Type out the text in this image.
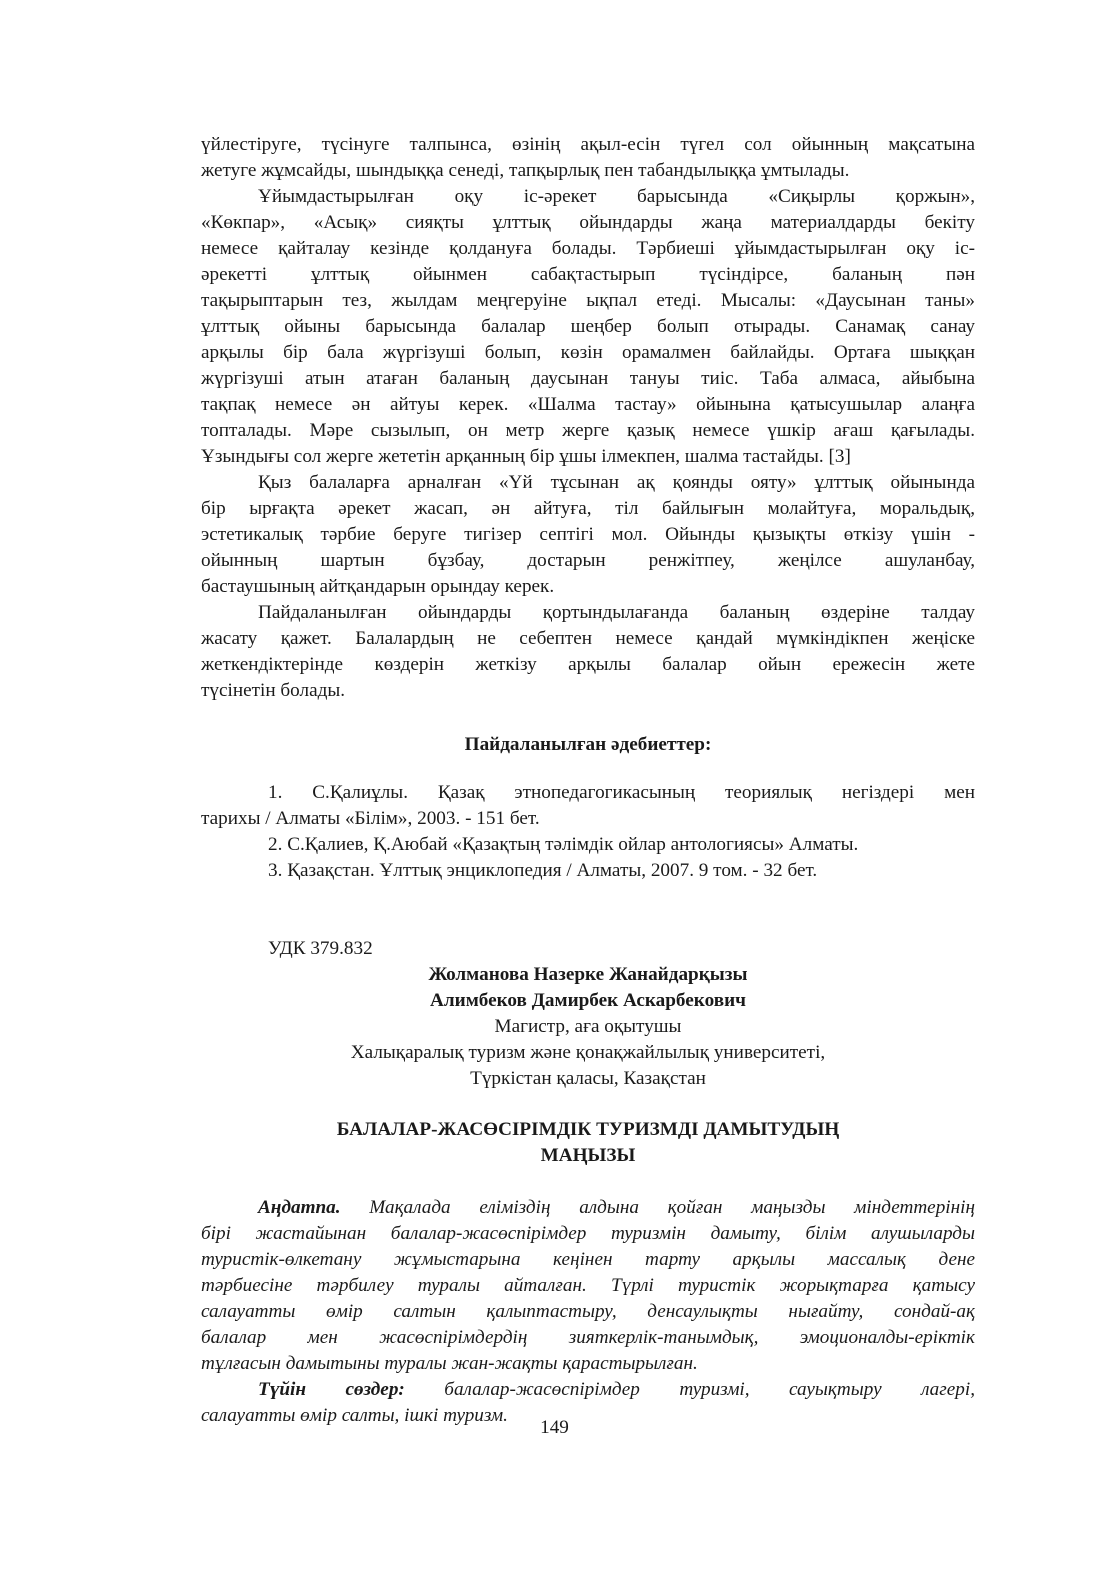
үйлестіруге, түсінуге талпынса, өзінің ақыл-есін түгел сол ойынның мақсатына
жетуге жұмсайды, шындыққа сенеді, тапқырлық пен табандылыққа ұмтылады.
Ұйымдастырылған оқу іс-әрекет барысында «Сиқырлы қоржын»,
«Көкпар», «Асық» сияқты ұлттық ойындарды жаңа материалдарды бекіту
немесе қайталау кезінде қолдануға болады. Тәрбиеші ұйымдастырылған оқу іс-
әрекетті ұлттық ойынмен сабақтастырып түсіндірсе, баланың пән
тақырыптарын тез, жылдам меңгеруіне ықпал етеді. Мысалы: «Даусынан таны»
ұлттық ойыны барысында балалар шеңбер болып отырады. Санамақ санау
арқылы бір бала жүргізуші болып, көзін орамалмен байлайды. Ортаға шыққан
жүргізуші атын атаған баланың даусынан тануы тиіс. Таба алмаса, айыбына
тақпақ немесе ән айтуы керек. «Шалма тастау» ойынына қатысушылар алаңға
топталады. Мәре сызылып, он метр жерге қазық немесе үшкір ағаш қағылады.
Ұзындығы сол жерге жететін арқанның бір ұшы ілмекпен, шалма тастайды. [3]
Қыз балаларға арналған «Үй тұсынан ақ қоянды ояту» ұлттық ойынында
бір ырғақта әрекет жасап, ән айтуға, тіл байлығын молайтуға, моральдық,
эстетикалық тәрбие беруге тигізер септігі мол. Ойынды қызықты өткізу үшін -
ойынның шартын бұзбау, достарын ренжітпеу, жеңілсе ашуланбау,
бастаушының айтқандарын орындау керек.
Пайдаланылған ойындарды қортындылағанда баланың өздеріне талдау
жасату қажет. Балалардың не себептен немесе қандай мүмкіндікпен жеңіске
жеткендіктерінде көздерін жеткізу арқылы балалар ойын ережесін жете
түсінетін болады.
Пайдаланылған әдебиеттер:
1. С.Қалиұлы. Қазақ этнопедагогикасының теориялық негіздері мен
тарихы / Алматы «Білім», 2003. - 151 бет.
2. С.Қалиев, Қ.Аюбай «Қазақтың тәлімдік ойлар антологиясы» Алматы.
3. Қазақстан. Ұлттық энциклопедия / Алматы, 2007. 9 том. - 32 бет.
УДК 379.832
Жолманова Назерке Жанайдарқызы
Алимбеков Дамирбек Аскарбекович
Магистр, аға оқытушы
Халықаралық туризм және қонақжайлылық университеті,
Түркістан қаласы, Казақстан
БАЛАЛАР-ЖАСӨСІРІМДІК ТУРИЗМДІ ДАМЫТУДЫҢ
МАҢЫЗЫ
Аңдатпа. Мақалада еліміздің алдына қойған маңызды міндеттерінің
бірі жастайынан балалар-жасөспірімдер туризмін дамыту, білім алушыларды
туристік-өлкетану жұмыстарына кеңінен тарту арқылы массалық дене
тәрбиесіне тәрбилеу туралы айталған. Түрлі туристік жорықтарға қатысу
салауатты өмір салтын қалыптастыру, денсаулықты нығайту, сондай-ақ
балалар мен жасөспірімдердің зияткерлік-танымдық, эмоционалды-еріктік
тұлғасын дамытыны туралы жан-жақты қарастырылған.
Түйін сөздер: балалар-жасөспірімдер туризмі, сауықтыру лагері,
салауатты өмір салты, ішкі туризм.
149
